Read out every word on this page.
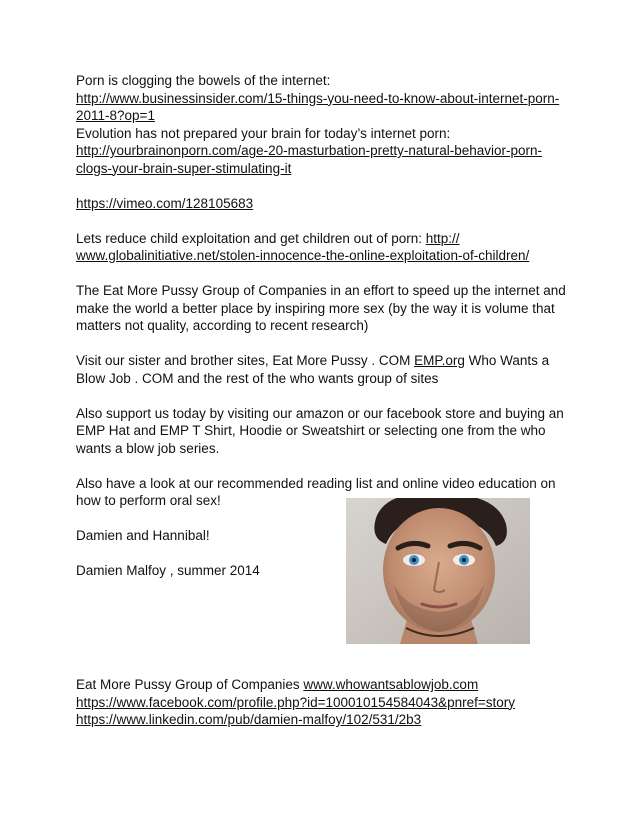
Porn is clogging the bowels of the internet:
http://www.businessinsider.com/15-things-you-need-to-know-about-internet-porn-2011-8?op=1

Evolution has not prepared your brain for today’s internet porn:
http://yourbrainonporn.com/age-20-masturbation-pretty-natural-behavior-porn-clogs-your-brain-super-stimulating-it

https://vimeo.com/128105683

Lets reduce child exploitation and get children out of porn: http:// www.globalinitiative.net/stolen-innocence-the-online-exploitation-of-children/

The Eat More Pussy Group of Companies in an effort to speed up the internet and make the world a better place by inspiring more sex (by the way it is volume that matters not quality, according to recent research)

Visit our sister and brother sites, Eat More Pussy . COM EMP.org Who Wants a Blow Job . COM and the rest of the who wants group of sites

Also support us today by visiting our amazon or our facebook store and buying an EMP Hat and EMP T Shirt, Hoodie or Sweatshirt or selecting one from the who wants a blow job series.

Also have a look at our recommended reading list and online video education on how to perform oral sex!

Damien and Hannibal!

Damien Malfoy , summer 2014

Eat More Pussy Group of Companies www.whowantsablowjob.com

https://www.facebook.com/profile.php?id=100010154584043&pnref=story

https://www.linkedin.com/pub/damien-malfoy/102/531/2b3
